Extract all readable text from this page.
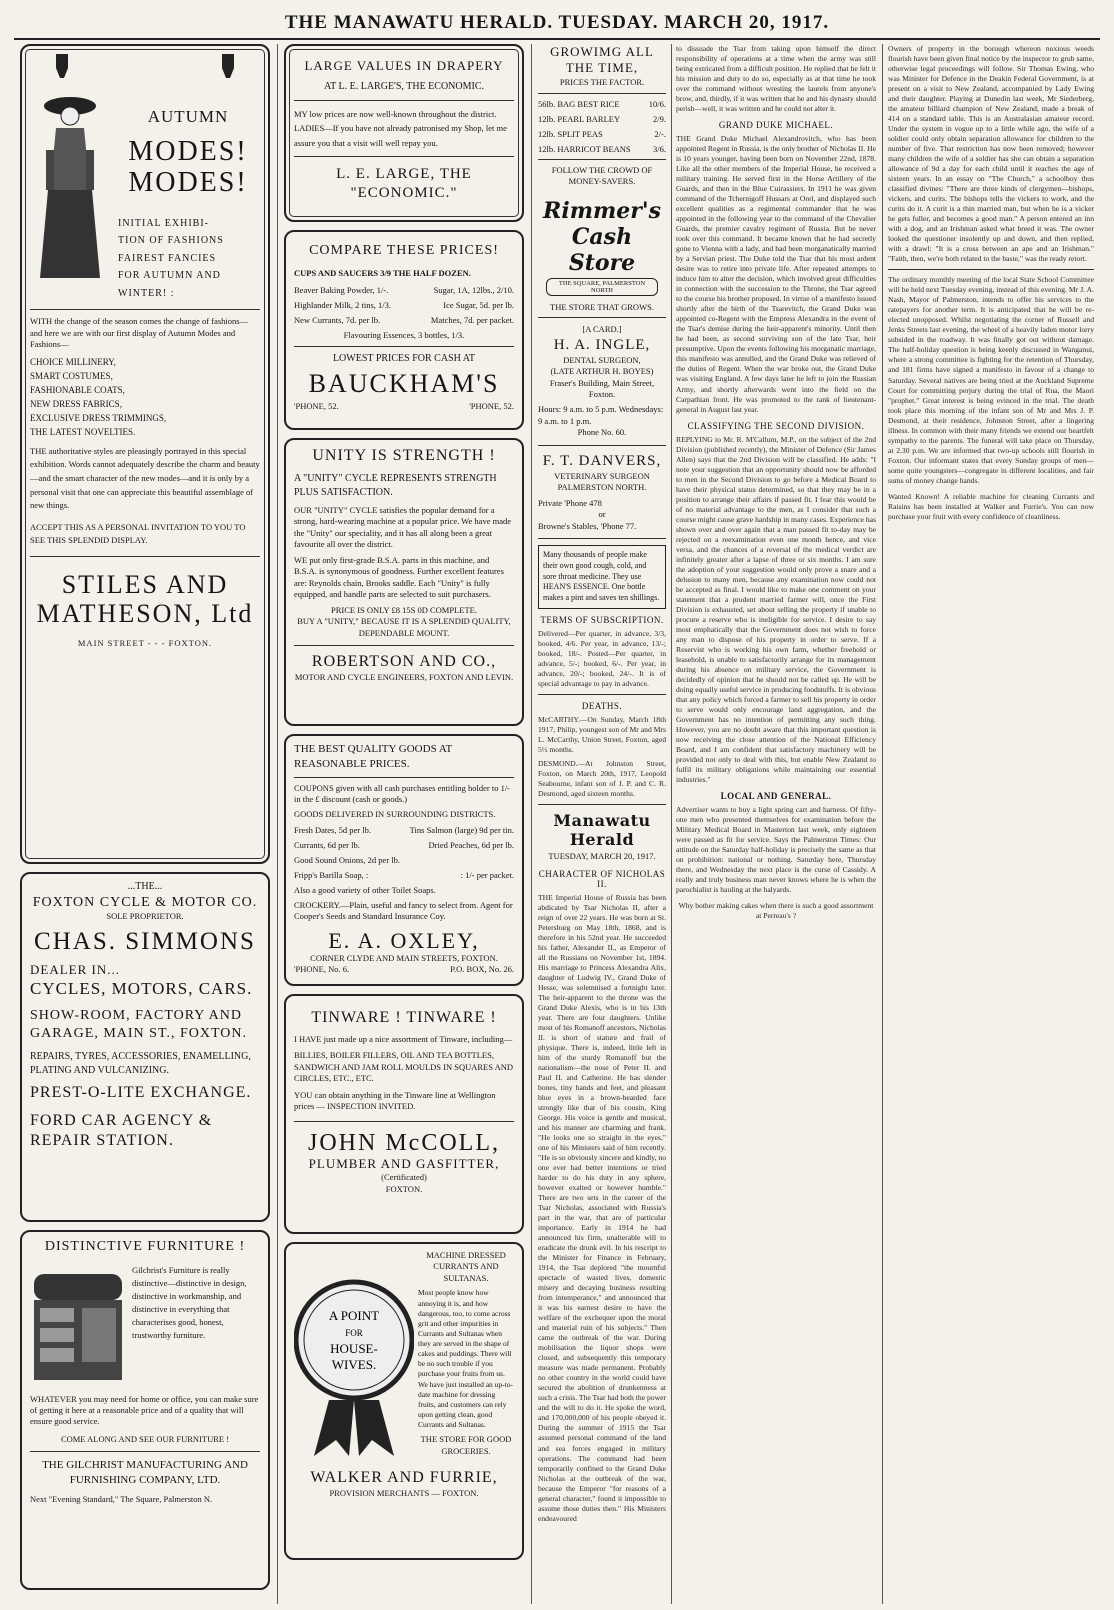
THE MANAWATU HERALD. TUESDAY. MARCH 20, 1917.
AUTUMN
MODES!
MODES!
INITIAL EXHIBI-
TION OF FASHIONS
FAIREST FANCIES
FOR AUTUMN AND
WINTER! :
WITH the change of the season comes the change of fashions—and here we are with our first display of Autumn Modes and Fashions—
CHOICE MILLINERY,
SMART COSTUMES,
FASHIONABLE COATS,
NEW DRESS FABRICS,
EXCLUSIVE DRESS TRIMMINGS,
THE LATEST NOVELTIES.
THE authoritative styles are pleasingly portrayed in this special exhibition. Words cannot adequately describe the charm and beauty—and the smart character of the new modes—and it is only by a personal visit that one can appreciate this beautiful assemblage of new things.
ACCEPT THIS AS A PERSONAL INVITATION TO YOU TO SEE THIS SPLENDID DISPLAY.
STILES AND
MATHESON, Ltd
MAIN STREET - - - FOXTON.
...THE...
FOXTON CYCLE & MOTOR CO.
SOLE PROPRIETOR.
CHAS. SIMMONS
DEALER IN...
CYCLES, MOTORS, CARS.
SHOW-ROOM, FACTORY AND GARAGE, MAIN ST., FOXTON.
REPAIRS, TYRES, ACCESSORIES, ENAMELLING, PLATING AND VULCANIZING.
PREST-O-LITE EXCHANGE.
FORD CAR AGENCY & REPAIR STATION.
DISTINCTIVE FURNITURE !
Gilchrist's Furniture is really distinctive—distinctive in design, distinctive in workmanship, and distinctive in everything that characterises good, honest, trustworthy furniture.
WHATEVER you may need for home or office, you can make sure of getting it here at a reasonable price and of a quality that will ensure good service.
COME ALONG AND SEE OUR FURNITURE !
THE GILCHRIST MANUFACTURING AND FURNISHING COMPANY, LTD.
Next "Evening Standard," The Square, Palmerston N.
LARGE VALUES IN DRAPERY
AT L. E. LARGE'S, THE ECONOMIC.
MY low prices are now well-known throughout the district. LADIES—If you have not already patronised my Shop, let me assure you that a visit will well repay you.
L. E. LARGE, THE "ECONOMIC."
COMPARE THESE PRICES!
CUPS AND SAUCERS 3/9 THE HALF DOZEN.
Beaver Baking Powder, 1/-.	Sugar, 1A, 12lbs., 2/10.
Highlander Milk, 2 tins, 1/3.	Ice Sugar, 5d. per lb.
New Currants, 7d. per lb.	Matches, 7d. per packet.
Flavouring Essences, 3 bottles, 1/3.
LOWEST PRICES FOR CASH AT
BAUCKHAM'S
'PHONE, 52.	'PHONE, 52.
UNITY IS STRENGTH !
A "UNITY" CYCLE REPRESENTS STRENGTH PLUS SATISFACTION.
OUR "UNITY" CYCLE satisfies the popular demand for a strong, hard-wearing machine at a popular price. We have made the "Unity" our speciality, and it has all along been a great favourite all over the district.
WE put only first-grade B.S.A. parts in this machine, and B.S.A. is synonymous of goodness. Further excellent features are: Reynolds chain, Brooks saddle. Each "Unity" is fully equipped, and handle parts are selected to suit purchasers.
PRICE IS ONLY £8 15S 0D COMPLETE.
BUY A "UNITY," BECAUSE IT IS A SPLENDID QUALITY, DEPENDABLE MOUNT.
ROBERTSON AND CO.,
MOTOR AND CYCLE ENGINEERS, FOXTON AND LEVIN.
THE BEST QUALITY GOODS AT REASONABLE PRICES.
COUPONS given with all cash purchases entitling holder to 1/- in the £ discount (cash or goods.)
GOODS DELIVERED IN SURROUNDING DISTRICTS.
Fresh Dates, 5d per lb.	Tins Salmon (large) 9d per tin.
Currants, 6d per lb.	Dried Peaches, 6d per lb.
Good Sound Onions, 2d per lb.
Fripp's Barilla Soap, :	: 1/- per packet.
Also a good variety of other Toilet Soaps.
CROCKERY.—Plain, useful and fancy to select from. Agent for Cooper's Seeds and Standard Insurance Coy.
E. A. OXLEY,
CORNER CLYDE AND MAIN STREETS, FOXTON.
'PHONE, No. 6.	P.O. BOX, No. 26.
TINWARE ! TINWARE !
I HAVE just made up a nice assortment of Tinware, including—
BILLIES, BOILER FILLERS, OIL AND TEA BOTTLES, SANDWICH AND JAM ROLL MOULDS IN SQUARES AND CIRCLES, ETC., ETC.
YOU can obtain anything in the Tinware line at Wellington prices — INSPECTION INVITED.
JOHN McCOLL,
PLUMBER AND GASFITTER,
(Certificated)
FOXTON.
A POINT
FOR
HOUSE-
WIVES.
MACHINE DRESSED CURRANTS AND SULTANAS.
Most people know how annoying it is, and how dangerous, too, to come across grit and other impurities in Currants and Sultanas when they are served in the shape of cakes and puddings. There will be no such trouble if you purchase your fruits from us. We have just installed an up-to-date machine for dressing fruits, and customers can rely upon getting clean, good Currants and Sultanas.
THE STORE FOR GOOD GROCERIES.
WALKER AND FURRIE,
PROVISION MERCHANTS — FOXTON.
GROWIMG ALL
THE TIME,
PRICES THE FACTOR.
56lb. BAG BEST RICE	10/6.
12lb. PEARL BARLEY	2/9.
12lb. SPLIT PEAS	2/-.
12lb. HARRICOT BEANS	3/6.
FOLLOW THE CROWD OF MONEY-SAVERS.
Rimmer's Cash Store
THE SQUARE, PALMERSTON NORTH
THE STORE THAT GROWS.
[A CARD.]
H. A. INGLE,
DENTAL SURGEON,
(LATE ARTHUR H. BOYES)
Fraser's Building, Main Street, Foxton.
Hours: 9 a.m. to 5 p.m. Wednesdays: 9 a.m. to 1 p.m.
Phone No. 60.
F. T. DANVERS,
VETERINARY SURGEON
PALMERSTON NORTH.
Private 'Phone 478
or
Browne's Stables, 'Phone 77.
Many thousands of people make their own good cough, cold, and sore throat medicine. They use HEAN'S ESSENCE. One bottle makes a pint and saves ten shillings.
TERMS OF SUBSCRIPTION.
Delivered—Per quarter, in advance, 3/3, booked, 4/6. Per year, in advance, 13/-; booked, 18/-. Posted—Per quarter, in advance, 5/-; booked, 6/-. Per year, in advance, 20/-; booked, 24/-. It is of special advantage to pay in advance.
DEATHS.
McCARTHY.—On Sunday, March 18th 1917, Philip, youngest son of Mr and Mrs L. McCarthy, Union Street, Foxton, aged 5½ months.
DESMOND.—At Johnston Street, Foxton, on March 20th, 1917, Leopold Seabourne, infant son of J. P. and C. R. Desmond, aged sixteen months.
Manawatu Herald
TUESDAY, MARCH 20, 1917.
CHARACTER OF NICHOLAS II.
THE Imperial House of Russia has been abdicated by Tsar Nicholas II, after a reign of over 22 years. He was born at St. Petersburg on May 18th, 1868, and is therefore in his 52nd year. He succeeded his father, Alexander II., as Emperor of all the Russians on November 1st, 1894. His marriage to Princess Alexandra Alix, daughter of Ludwig IV., Grand Duke of Hesse, was solemnised a fortnight later. The heir-apparent to the throne was the Grand Duke Alexis, who is in his 13th year. There are four daughters. Unlike most of his Romanoff ancestors, Nicholas II. is short of stature and frail of physique. There is, indeed, little left in him of the sturdy Romanoff but the nationalism—the nose of Peter II. and Paul II. and Catherine. He has slender bones, tiny hands and feet, and pleasant blue eyes in a brown-bearded face strongly like that of his cousin, King George. His voice is gentle and musical, and his manner are charming and frank. "He looks one so straight in the eyes," one of his Ministers said of him recently. "He is so obviously sincere and kindly, no one ever had better intentions or tried harder to do his duty in any sphere, however exalted or however humble." There are two sets in the career of the Tsar Nicholas, associated with Russia's part in the war, that are of particular importance. Early in 1914 he had announced his firm, unalterable will to eradicate the drunk evil. In his rescript to the Minister for Finance in February, 1914, the Tsar deplored "the mournful spectacle of wasted lives, domestic misery and decaying business resulting from intemperance," and announced that it was his earnest desire to have the welfare of the exchequer upon the moral and material ruin of his subjects." Then came the outbreak of the war. During mobilisation the liquor shops were closed, and subsequently this temporary measure was made permanent. Probably no other country in the world could have secured the abolition of drunkenness at such a crisis. The Tsar had both the power and the will to do it. He spoke the word, and 170,000,000 of his people obeyed it. During the summer of 1915 the Tsar assumed personal command of the land and sea forces engaged in military operations. The command had been temporarily confined to the Grand Duke Nicholas at the outbreak of the war, because the Emperor "for reasons of a general character," found it impossible to assume those duties then." His Ministers endeavoured
to dissuade the Tsar from taking upon himself the direct responsibility of operations at a time when the army was still being extricated from a difficult position. He replied that he felt it his mission and duty to do so, especially as at that time he took over the command without wresting the laurels from anyone's brow, and, thirdly, if it was written that he and his dynasty should perish—well, it was written and he could not alter it.
GRAND DUKE MICHAEL.
THE Grand Duke Michael Alexandrovitch, who has been appointed Regent in Russia, is the only brother of Nicholas II. He is 10 years younger, having been born on November 22nd, 1878. Like all the other members of the Imperial House, he received a military training. He served first in the Horse Artillery of the Guards, and then in the Blue Cuirassiers. In 1911 he was given command of the Tchernigoff Hussars at Orel, and displayed such excellent qualities as a regimental commander that he was appointed in the following year to the command of the Chevalier Guards, the premier cavalry regiment of Russia. But he never took over this command. It became known that he had secretly gone to Vienna with a lady, and had been morganatically married by a Servian priest. The Duke told the Tsar that his most ardent desire was to retire into private life. After repeated attempts to induce him to alter the decision, which involved great difficulties in connection with the succession to the Throne, the Tsar agreed to the course his brother proposed. In virtue of a manifesto issued shortly after the birth of the Tsarevitch, the Grand Duke was appointed co-Regent with the Empress Alexandra in the event of the Tsar's demise during the heir-apparent's minority. Until then he had been, as second surviving son of the late Tsar, heir presumptive. Upon the events following his morganatic marriage, this manifesto was annulled, and the Grand Duke was relieved of the duties of Regent. When the war broke out, the Grand Duke was visiting England. A few days later he left to join the Russian Army, and shortly afterwards went into the field on the Carpathian front. He was promoted to the rank of lieutenant-general in August last year.
CLASSIFYING THE SECOND DIVISION.
REPLYING to Mr. R. M'Callum, M.P., on the subject of the 2nd Division (published recently), the Minister of Defence (Sir James Allen) says that the 2nd Division will be classified. He adds: "I note your suggestion that an opportunity should now be afforded to men in the Second Division to go before a Medical Board to have their physical status determined, so that they may be in a position to arrange their affairs if passed fit. I fear this would be of no material advantage to the men, as I consider that such a course might cause grave hardship in many cases. Experience has shown over and over again that a man passed fit to-day may be rejected on a reexamination even one month hence, and vice versa, and the chances of a reversal of the medical verdict are infinitely greater after a lapse of three or six months. I am sure the adoption of your suggestion would only prove a snare and a delusion to many men, because any examination now could not be accepted as final. I would like to make one comment on your statement that a prudent married farmer will, once the First Division is exhausted, set about selling the property if unable to procure a reserve who is ineligible for service. I desire to say most emphatically that the Government does not wish to force any man to dispose of his property in order to serve. If a Reservist who is working his own farm, whether freehold or leasehold, is unable to satisfactorily arrange for its management during his absence on military service, the Government is decidedly of opinion that he should not be called up. He will be doing equally useful service in producing foodstuffs. It is obvious that any policy which forced a farmer to sell his property in order to serve would only encourage land aggregation, and the Government has no intention of permitting any such thing. However, you are no doubt aware that this important question is now receiving the close attention of the National Efficiency Board, and I am confident that satisfactory machinery will be provided not only to deal with this, but enable New Zealand to fulfil its military obligations while maintaining our essential industries."
LOCAL AND GENERAL.
Advertiser wants to buy a light spring cart and harness. Of fifty-one men who presented themselves for examination before the Military Medical Board in Masterton last week, only eighteen were passed as fit for service. Says the Palmerston Times: Our attitude on the Saturday half-holiday is precisely the same as that on prohibition: national or nothing. Saturday here, Thursday there, and Wednesday the next place is the curse of Cassidy. A really and truly business man never knows where he is when the parochialist is hauling at the halyards.
Why bother making cakes when there is such a good assortment at Perreau's ?
Owners of property in the borough whereon noxious weeds flourish have been given final notice by the inspector to grub same, otherwise legal proceedings will follow. Sir Thomas Ewing, who was Minister for Defence in the Deakin Federal Government, is at present on a visit to New Zealand, accompanied by Lady Ewing and their daughter. Playing at Dunedin last week, Mr Siederberg, the amateur billiard champion of New Zealand, made a break of 414 on a standard table. This is an Australasian amateur record. Under the system in vogue up to a little while ago, the wife of a soldier could only obtain separation allowance for children to the number of five. That restriction has now been removed; however many children the wife of a soldier has she can obtain a separation allowance of 9d a day for each child until it reaches the age of sixteen years. In an essay on "The Church," a schoolboy thus classified divines: "There are three kinds of clergymen—bishops, vickers, and curits. The bishops tells the vickers to work, and the curits do it. A curit is a thin married man, but when he is a vicker he gets fuller, and becomes a good man." A person entered an inn with a dog, and an Irishman asked what breed it was. The owner looked the questioner insolently up and down, and then replied, with a drawl: "It is a cross between an ape and an Irishman." "Faith, then, we're both related to the baste," was the ready retort.
The ordinary monthly meeting of the local State School Committee will be held next Tuesday evening, instead of this evening. Mr J. A. Nash, Mayor of Palmerston, intends to offer his services to the ratepayers for another term. It is anticipated that he will be re-elected unopposed. Whilst negotiating the corner of Russell and Jenks Streets last evening, the wheel of a heavily laden motor lorry subsided in the roadway. It was finally got out without damage. The half-holiday question is being keenly discussed in Wanganui, where a strong committee is fighting for the retention of Thursday, and 181 firms have signed a manifesto in favour of a change to Saturday. Several natives are being tried at the Auckland Supreme Court for committing perjury during the trial of Rua, the Maori "prophet." Great interest is being evinced in the trial. The death took place this morning of the infant son of Mr and Mrs J. P. Desmond, at their residence, Johnston Street, after a lingering illness. In common with their many friends we extend our heartfelt sympathy to the parents. The funeral will take place on Thursday, at 2.30 p.m. We are informed that two-up schools still flourish in Foxton. Our informant states that every Sunday groups of men—some quite youngsters—congregate in different localities, and fair sums of money change hands.
Wanted Known! A reliable machine for cleaning Currants and Raisins has been installed at Walker and Furrie's. You can now purchase your fruit with every confidence of cleanliness.
